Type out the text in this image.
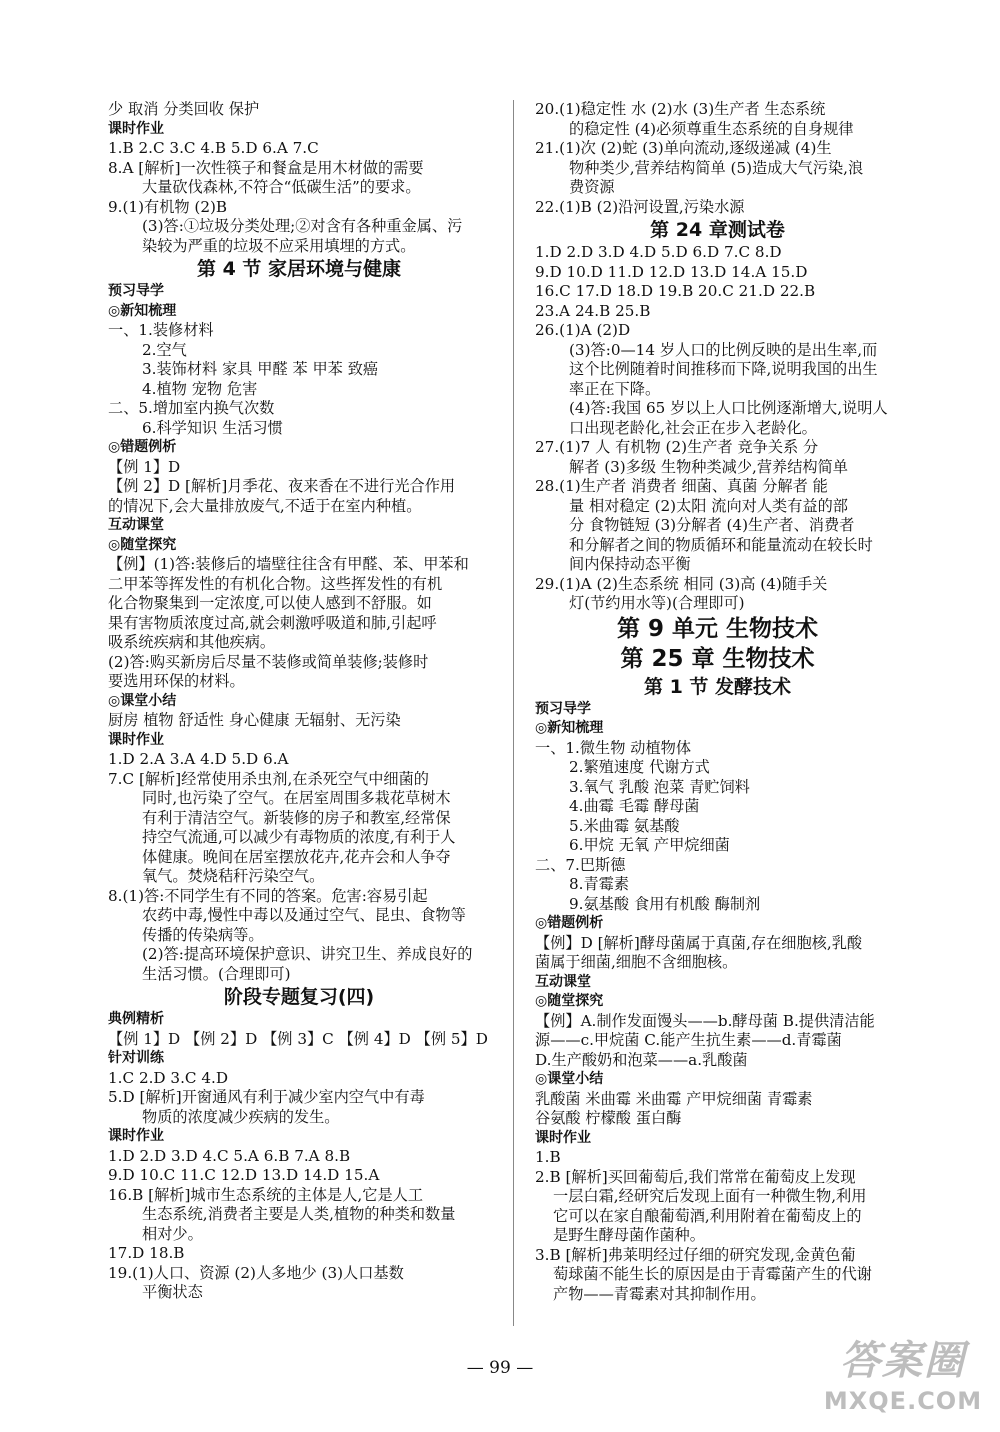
少 取消 分类回收 保护
课时作业
1.B 2.C 3.C 4.B 5.D 6.A 7.C
8.A [解析]一次性筷子和餐盒是用木材做的需要
大量砍伐森林,不符合“低碳生活”的要求。
9.(1)有机物 (2)B
(3)答:①垃圾分类处理;②对含有各种重金属、污
染较为严重的垃圾不应采用填埋的方式。
第 4 节 家居环境与健康
预习导学
◎新知梳理
一、1.装修材料
2.空气
3.装饰材料 家具 甲醛 苯 甲苯 致癌
4.植物 宠物 危害
二、5.增加室内换气次数
6.科学知识 生活习惯
◎错题例析
【例 1】D
【例 2】D [解析]月季花、夜来香在不进行光合作用
的情况下,会大量排放废气,不适于在室内种植。
互动课堂
◎随堂探究
【例】(1)答:装修后的墙壁往往含有甲醛、苯、甲苯和
二甲苯等挥发性的有机化合物。这些挥发性的有机
化合物聚集到一定浓度,可以使人感到不舒服。如
果有害物质浓度过高,就会刺激呼吸道和肺,引起呼
吸系统疾病和其他疾病。
(2)答:购买新房后尽量不装修或简单装修;装修时
要选用环保的材料。
◎课堂小结
厨房 植物 舒适性 身心健康 无辐射、无污染
课时作业
1.D 2.A 3.A 4.D 5.D 6.A
7.C [解析]经常使用杀虫剂,在杀死空气中细菌的
同时,也污染了空气。在居室周围多栽花草树木
有利于清洁空气。新装修的房子和教室,经常保
持空气流通,可以减少有毒物质的浓度,有利于人
体健康。晚间在居室摆放花卉,花卉会和人争夺
氧气。焚烧秸秆污染空气。
8.(1)答:不同学生有不同的答案。危害:容易引起
农药中毒,慢性中毒以及通过空气、昆虫、食物等
传播的传染病等。
(2)答:提高环境保护意识、讲究卫生、养成良好的
生活习惯。(合理即可)
阶段专题复习(四)
典例精析
【例 1】D 【例 2】D 【例 3】C 【例 4】D 【例 5】D
针对训练
1.C 2.D 3.C 4.D
5.D [解析]开窗通风有利于减少室内空气中有毒
物质的浓度减少疾病的发生。
课时作业
1.D 2.D 3.D 4.C 5.A 6.B 7.A 8.B
9.D 10.C 11.C 12.D 13.D 14.D 15.A
16.B [解析]城市生态系统的主体是人,它是人工
生态系统,消费者主要是人类,植物的种类和数量
相对少。
17.D 18.B
19.(1)人口、资源 (2)人多地少 (3)人口基数
平衡状态
20.(1)稳定性 水 (2)水 (3)生产者 生态系统
的稳定性 (4)必须尊重生态系统的自身规律
21.(1)次 (2)蛇 (3)单向流动,逐级递减 (4)生
物种类少,营养结构简单 (5)造成大气污染,浪
费资源
22.(1)B (2)沿河设置,污染水源
第 24 章测试卷
1.D 2.D 3.D 4.D 5.D 6.D 7.C 8.D
9.D 10.D 11.D 12.D 13.D 14.A 15.D
16.C 17.D 18.D 19.B 20.C 21.D 22.B
23.A 24.B 25.B
26.(1)A (2)D
(3)答:0—14 岁人口的比例反映的是出生率,而
这个比例随着时间推移而下降,说明我国的出生
率正在下降。
(4)答:我国 65 岁以上人口比例逐渐增大,说明人
口出现老龄化,社会正在步入老龄化。
27.(1)7 人 有机物 (2)生产者 竞争关系 分
解者 (3)多级 生物种类减少,营养结构简单
28.(1)生产者 消费者 细菌、真菌 分解者 能
量 相对稳定 (2)太阳 流向对人类有益的部
分 食物链短 (3)分解者 (4)生产者、消费者
和分解者之间的物质循环和能量流动在较长时
间内保持动态平衡
29.(1)A (2)生态系统 相同 (3)高 (4)随手关
灯(节约用水等)(合理即可)
第 9 单元 生物技术
第 25 章 生物技术
第 1 节 发酵技术
预习导学
◎新知梳理
一、1.微生物 动植物体
2.繁殖速度 代谢方式
3.氧气 乳酸 泡菜 青贮饲料
4.曲霉 毛霉 酵母菌
5.米曲霉 氨基酸
6.甲烷 无氧 产甲烷细菌
二、7.巴斯德
8.青霉素
9.氨基酸 食用有机酸 酶制剂
◎错题例析
【例】D [解析]酵母菌属于真菌,存在细胞核,乳酸
菌属于细菌,细胞不含细胞核。
互动课堂
◎随堂探究
【例】A.制作发面馒头——b.酵母菌 B.提供清洁能
源——c.甲烷菌 C.能产生抗生素——d.青霉菌
D.生产酸奶和泡菜——a.乳酸菌
◎课堂小结
乳酸菌 米曲霉 米曲霉 产甲烷细菌 青霉素
谷氨酸 柠檬酸 蛋白酶
课时作业
1.B
2.B [解析]买回葡萄后,我们常常在葡萄皮上发现
一层白霜,经研究后发现上面有一种微生物,利用
它可以在家自酿葡萄酒,利用附着在葡萄皮上的
是野生酵母菌作菌种。
3.B [解析]弗莱明经过仔细的研究发现,金黄色葡
萄球菌不能生长的原因是由于青霉菌产生的代谢
产物——青霉素对其抑制作用。
— 99 —	答案圈
MXQE.COM
